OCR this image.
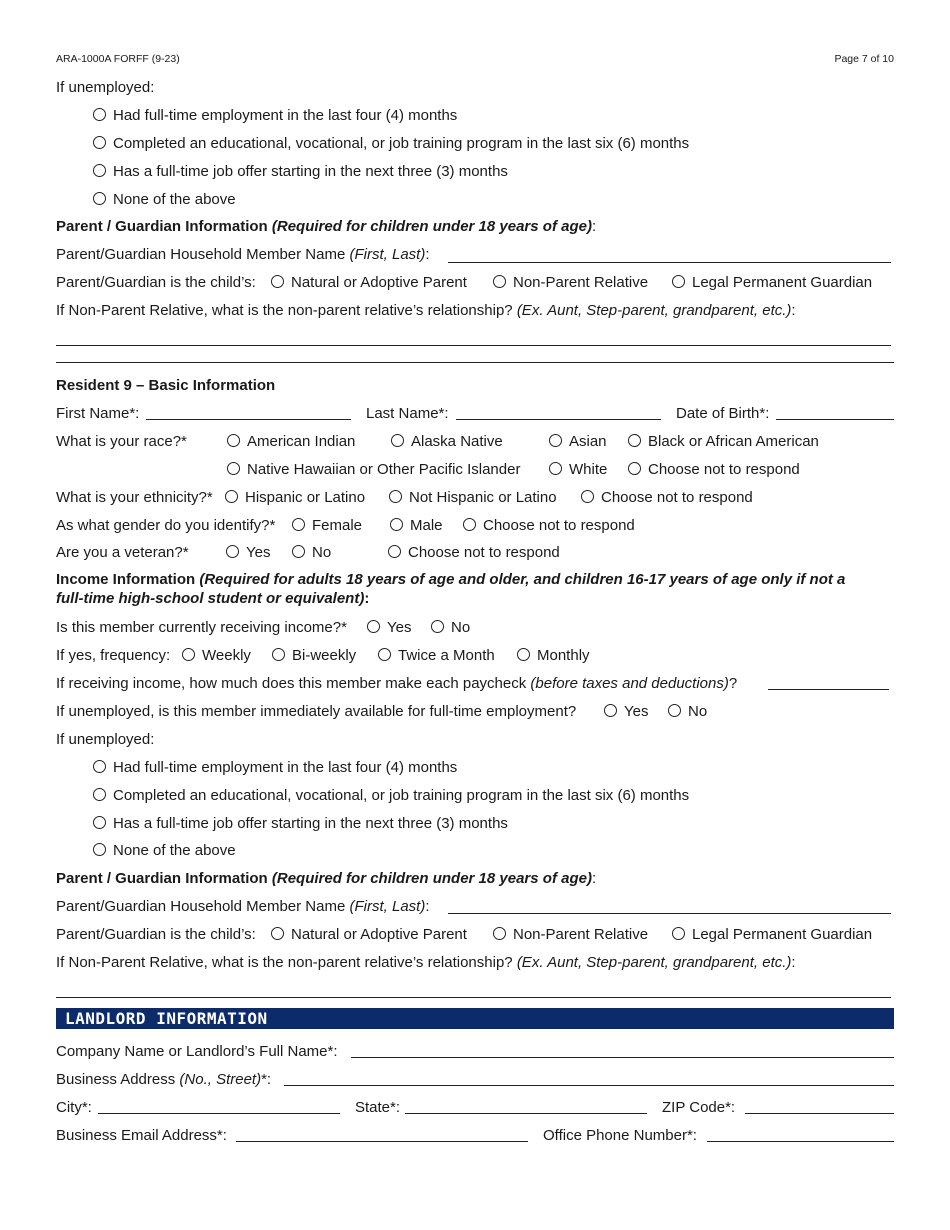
ARA-1000A FORFF (9-23)	Page 7 of 10
If unemployed:
Had full-time employment in the last four (4) months
Completed an educational, vocational, or job training program in the last six (6) months
Has a full-time job offer starting in the next three (3) months
None of the above
Parent / Guardian Information (Required for children under 18 years of age):
Parent/Guardian Household Member Name (First, Last):
Parent/Guardian is the child’s:	Natural or Adoptive Parent	Non-Parent Relative	Legal Permanent Guardian
If Non-Parent Relative, what is the non-parent relative’s relationship? (Ex. Aunt, Step-parent, grandparent, etc.):
Resident 9 – Basic Information
First Name*:	Last Name*:	Date of Birth*:
What is your race?*	American Indian	Alaska Native	Asian	Black or African American
Native Hawaiian or Other Pacific Islander	White	Choose not to respond
What is your ethnicity?*	Hispanic or Latino	Not Hispanic or Latino	Choose not to respond
As what gender do you identify?*	Female	Male	Choose not to respond
Are you a veteran?*	Yes	No	Choose not to respond
Income Information (Required for adults 18 years of age and older, and children 16-17 years of age only if not a
full-time high-school student or equivalent):
Is this member currently receiving income?*	Yes	No
If yes, frequency:	Weekly	Bi-weekly	Twice a Month	Monthly
If receiving income, how much does this member make each paycheck (before taxes and deductions)?
If unemployed, is this member immediately available for full-time employment?	Yes	No
If unemployed:
Had full-time employment in the last four (4) months
Completed an educational, vocational, or job training program in the last six (6) months
Has a full-time job offer starting in the next three (3) months
None of the above
Parent / Guardian Information (Required for children under 18 years of age):
Parent/Guardian Household Member Name (First, Last):
Parent/Guardian is the child’s:	Natural or Adoptive Parent	Non-Parent Relative	Legal Permanent Guardian
If Non-Parent Relative, what is the non-parent relative’s relationship? (Ex. Aunt, Step-parent, grandparent, etc.):
LANDLORD INFORMATION
Company Name or Landlord’s Full Name*:
Business Address (No., Street)*:
City*:	State*:	ZIP Code*:
Business Email Address*:	Office Phone Number*:
